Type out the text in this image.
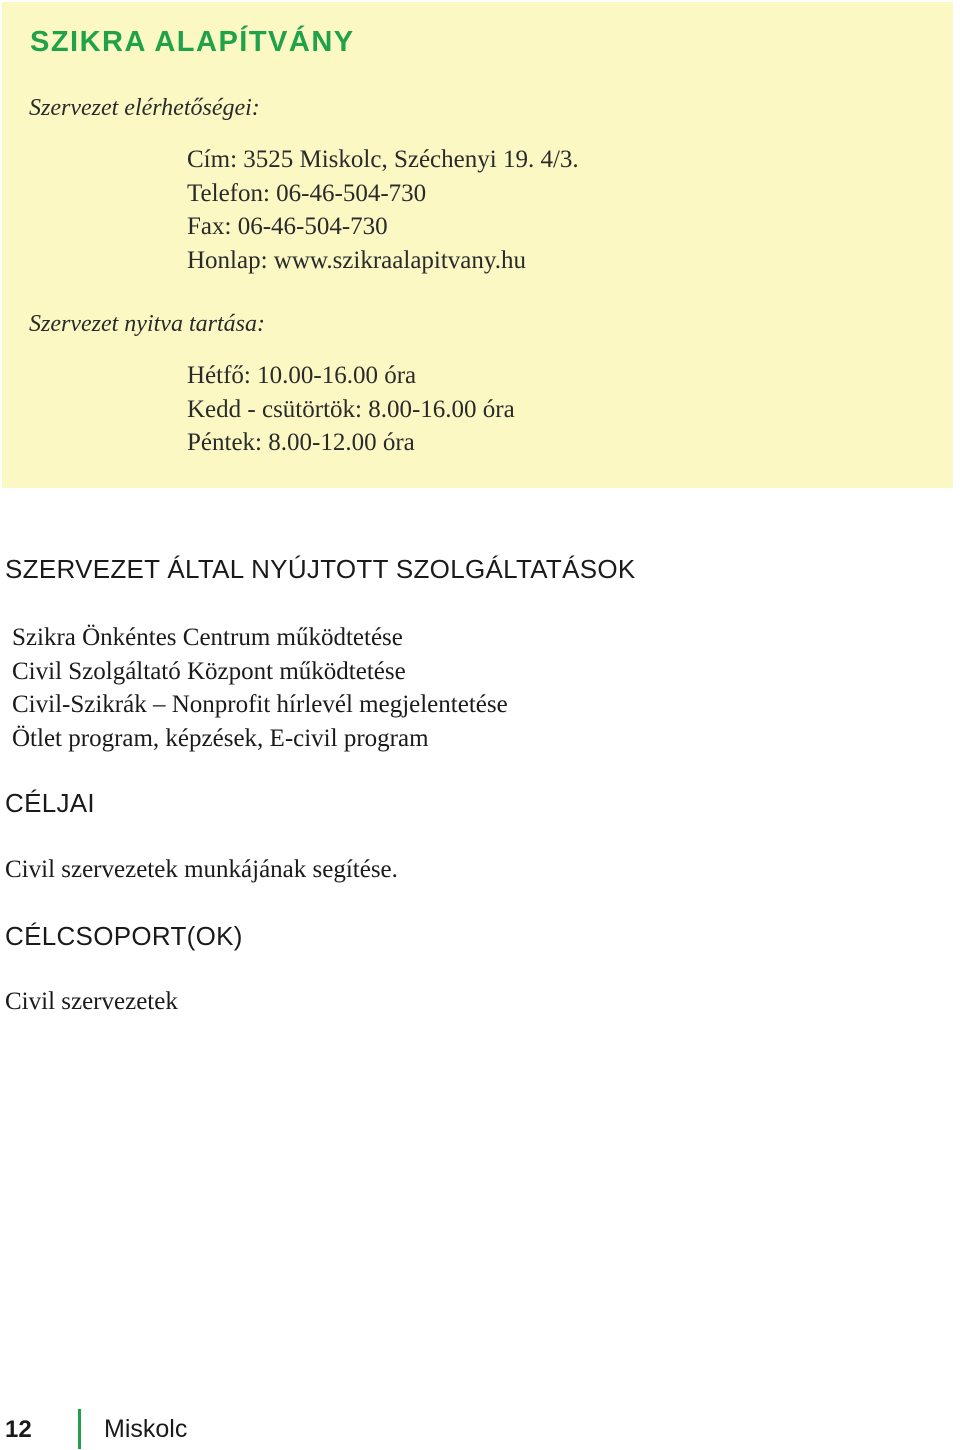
SZIKRA ALAPÍTVÁNY

Szervezet elérhetőségei:

Cím: 3525 Miskolc, Széchenyi 19. 4/3.
Telefon: 06-46-504-730
Fax: 06-46-504-730
Honlap: www.szikraalapitvany.hu

Szervezet nyitva tartása:

Hétfő: 10.00-16.00 óra
Kedd - csütörtök: 8.00-16.00 óra
Péntek: 8.00-12.00 óra
SZERVEZET ÁLTAL NYÚJTOTT SZOLGÁLTATÁSOK
Szikra Önkéntes Centrum működtetése
Civil Szolgáltató Központ működtetése
Civil-Szikrák – Nonprofit hírlevél megjelentetése
Ötlet program, képzések, E-civil program
CÉLJAI

Civil szervezetek munkájának segítése.

CÉLCSOPORT(OK)

Civil szervezetek

12	Miskolc
